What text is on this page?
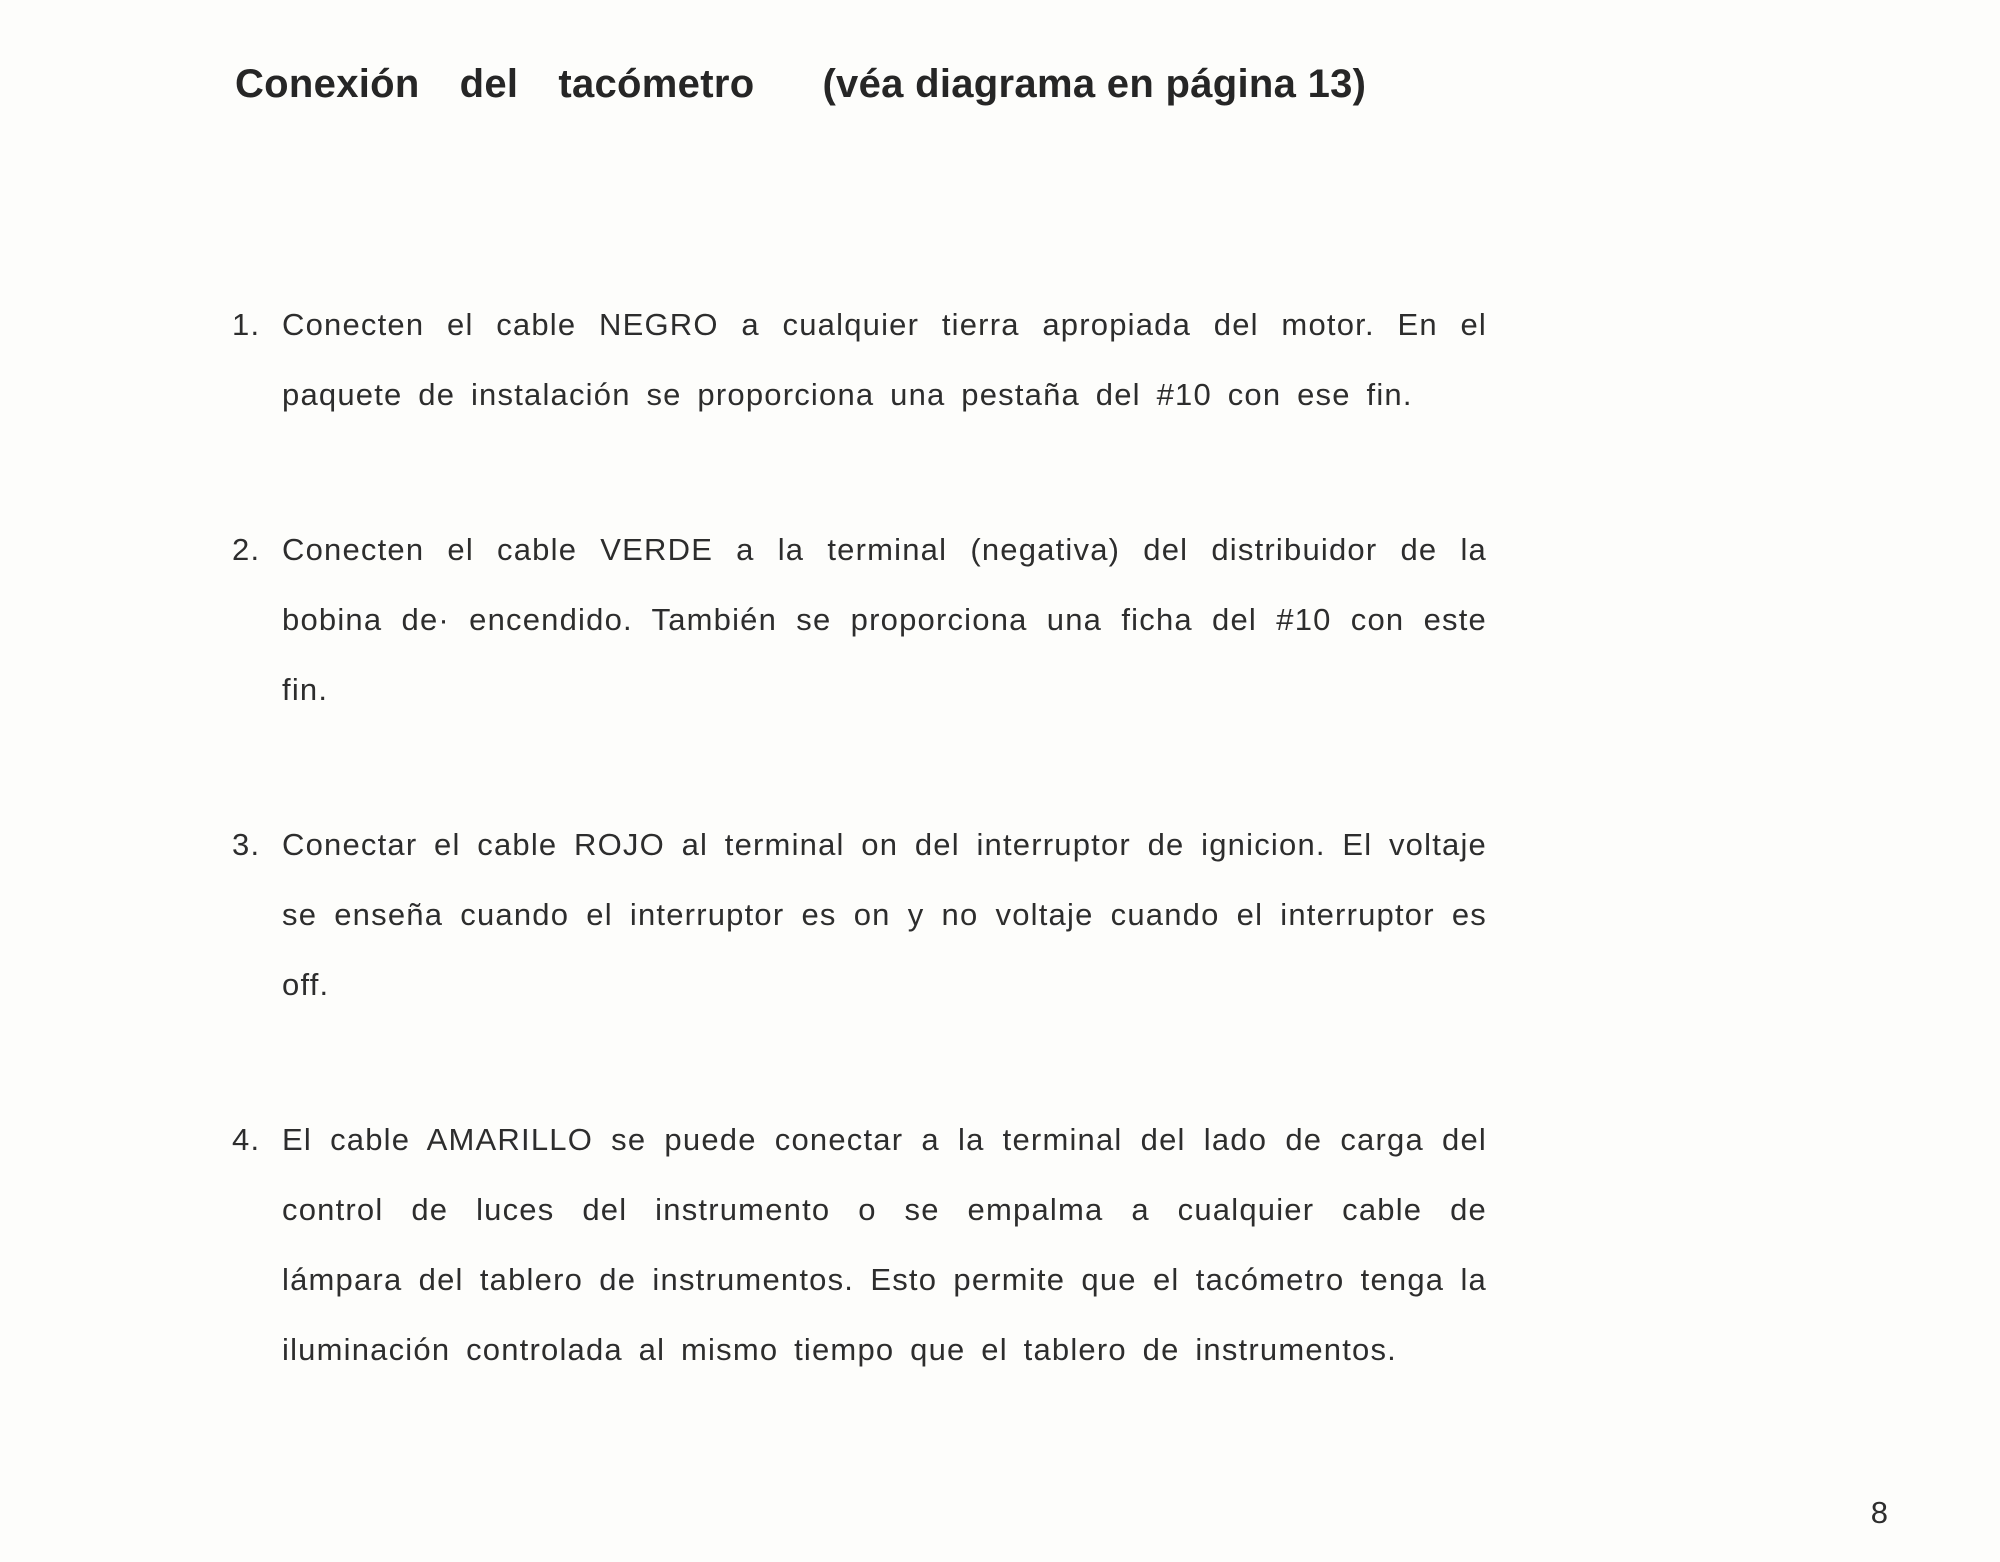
Conexión del tacómetro (véa diagrama en página 13)
1. Conecten el cable NEGRO a cualquier tierra apropiada del motor. En el paquete de instalación se proporciona una pestaña del #10 con ese fin.
2. Conecten el cable VERDE a la terminal (negativa) del distribuidor de la bobina de· encendido. También se proporciona una ficha del #10 con este fin.
3. Conectar el cable ROJO al terminal on del interruptor de ignicion. El voltaje se enseña cuando el interruptor es on y no voltaje cuando el interruptor es off.
4. El cable AMARILLO se puede conectar a la terminal del lado de carga del control de luces del instrumento o se empalma a cualquier cable de lámpara del tablero de instrumentos. Esto permite que el tacómetro tenga la iluminación controlada al mismo tiempo que el tablero de instrumentos.

8
